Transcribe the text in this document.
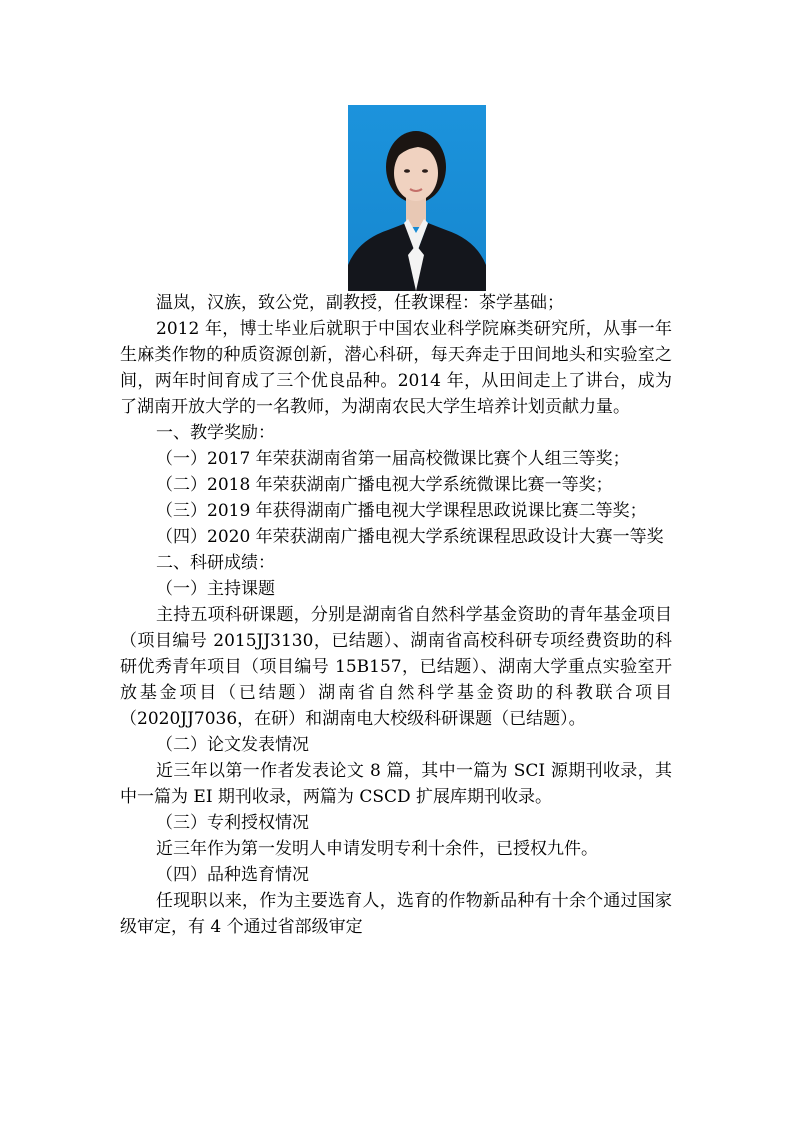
温岚，汉族，致公党，副教授，任教课程：茶学基础；

2012 年，博士毕业后就职于中国农业科学院麻类研究所，从事一年生麻类作物的种质资源创新，潜心科研，每天奔走于田间地头和实验室之间，两年时间育成了三个优良品种。2014 年，从田间走上了讲台，成为了湖南开放大学的一名教师，为湖南农民大学生培养计划贡献力量。

一、教学奖励：

（一）2017 年荣获湖南省第一届高校微课比赛个人组三等奖；

（二）2018 年荣获湖南广播电视大学系统微课比赛一等奖；

（三）2019 年获得湖南广播电视大学课程思政说课比赛二等奖；

（四）2020 年荣获湖南广播电视大学系统课程思政设计大赛一等奖

二、科研成绩：

（一）主持课题

主持五项科研课题，分别是湖南省自然科学基金资助的青年基金项目（项目编号 2015JJ3130，已结题）、湖南省高校科研专项经费资助的科研优秀青年项目（项目编号 15B157，已结题）、湖南大学重点实验室开放基金项目（已结题）湖南省自然科学基金资助的科教联合项目（2020JJ7036，在研）和湖南电大校级科研课题（已结题）。

（二）论文发表情况

近三年以第一作者发表论文 8 篇，其中一篇为 SCI 源期刊收录，其中一篇为 EI 期刊收录，两篇为 CSCD 扩展库期刊收录。

（三）专利授权情况

近三年作为第一发明人申请发明专利十余件，已授权九件。

（四）品种选育情况

任现职以来，作为主要选育人，选育的作物新品种有十余个通过国家级审定，有 4 个通过省部级审定
